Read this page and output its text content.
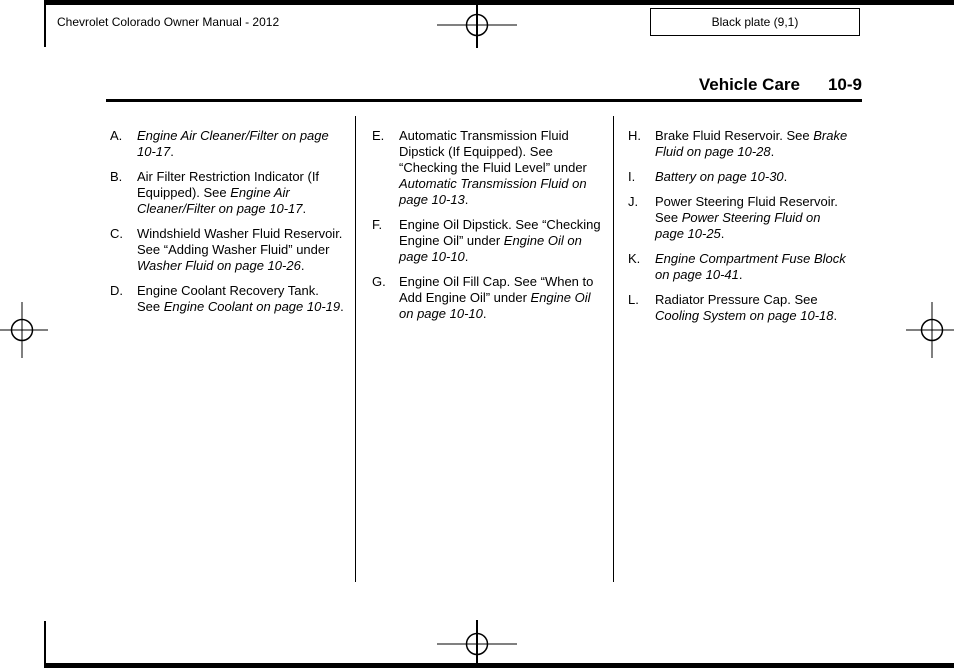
Chevrolet Colorado Owner Manual - 2012	Black plate (9,1)
Vehicle Care 10-9
A.	Engine Air Cleaner/Filter on page 10-17.
B.	Air Filter Restriction Indicator (If Equipped). See Engine Air Cleaner/Filter on page 10-17.
C.	Windshield Washer Fluid Reservoir. See “Adding Washer Fluid” under Washer Fluid on page 10-26.
D.	Engine Coolant Recovery Tank. See Engine Coolant on page 10-19.
E.	Automatic Transmission Fluid Dipstick (If Equipped). See “Checking the Fluid Level” under Automatic Transmission Fluid on page 10-13.
F.	Engine Oil Dipstick. See “Checking Engine Oil” under Engine Oil on page 10-10.
G.	Engine Oil Fill Cap. See “When to Add Engine Oil” under Engine Oil on page 10-10.
H.	Brake Fluid Reservoir. See Brake Fluid on page 10-28.
I.	Battery on page 10-30.
J.	Power Steering Fluid Reservoir. See Power Steering Fluid on page 10-25.
K.	Engine Compartment Fuse Block on page 10-41.
L.	Radiator Pressure Cap. See Cooling System on page 10-18.
